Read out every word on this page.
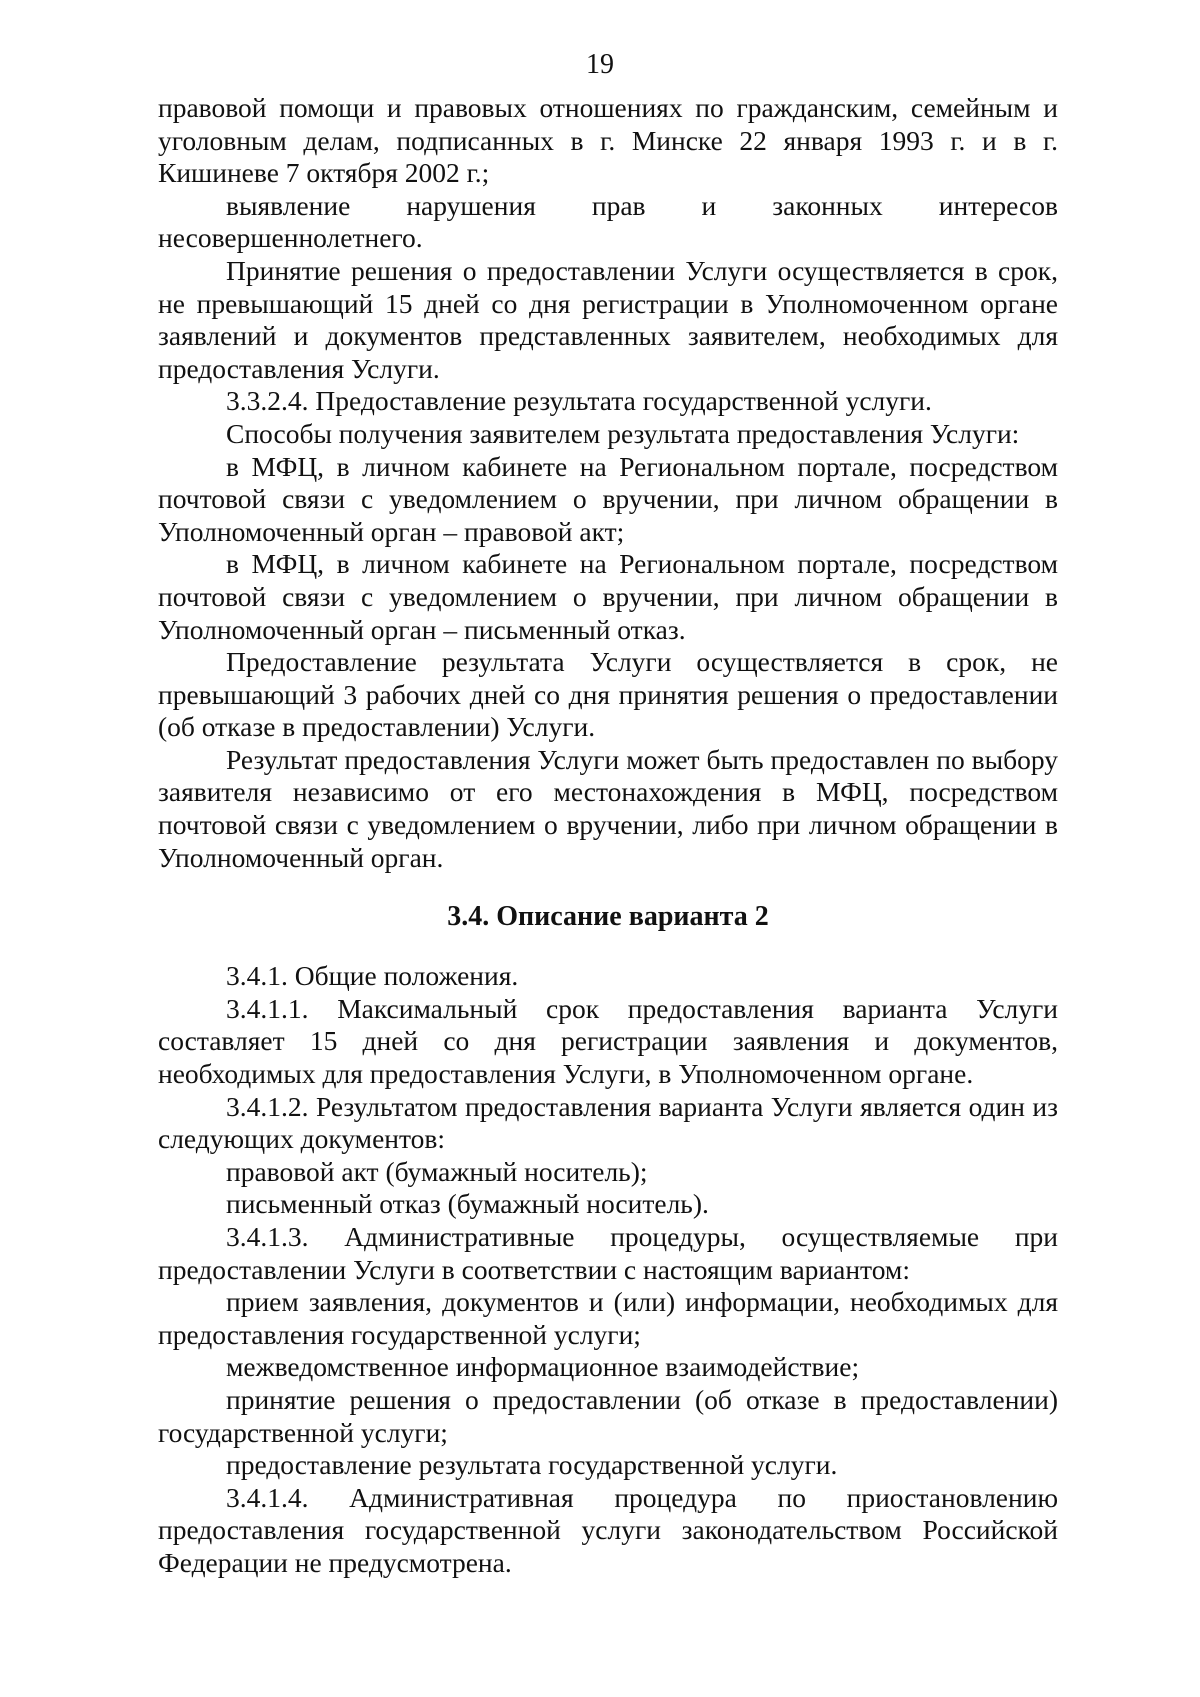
19

правовой помощи и правовых отношениях по гражданским, семейным и уголовным делам, подписанных в г. Минске 22 января 1993 г. и в г. Кишиневе 7 октября 2002 г.;

выявление нарушения прав и законных интересов несовершеннолетнего.

Принятие решения о предоставлении Услуги осуществляется в срок, не превышающий 15 дней со дня регистрации в Уполномоченном органе заявлений и документов представленных заявителем, необходимых для предоставления Услуги.

3.3.2.4. Предоставление результата государственной услуги.

Способы получения заявителем результата предоставления Услуги:

в МФЦ, в личном кабинете на Региональном портале, посредством почтовой связи с уведомлением о вручении, при личном обращении в Уполномоченный орган – правовой акт;

в МФЦ, в личном кабинете на Региональном портале, посредством почтовой связи с уведомлением о вручении, при личном обращении в Уполномоченный орган – письменный отказ.

Предоставление результата Услуги осуществляется в срок, не превышающий 3 рабочих дней со дня принятия решения о предоставлении (об отказе в предоставлении) Услуги.

Результат предоставления Услуги может быть предоставлен по выбору заявителя независимо от его местонахождения в МФЦ, посредством почтовой связи с уведомлением о вручении, либо при личном обращении в Уполномоченный орган.

3.4. Описание варианта 2

3.4.1. Общие положения.

3.4.1.1. Максимальный срок предоставления варианта Услуги составляет 15 дней со дня регистрации заявления и документов, необходимых для предоставления Услуги, в Уполномоченном органе.

3.4.1.2. Результатом предоставления варианта Услуги является один из следующих документов:

правовой акт (бумажный носитель);

письменный отказ (бумажный носитель).

3.4.1.3. Административные процедуры, осуществляемые при предоставлении Услуги в соответствии с настоящим вариантом:

прием заявления, документов и (или) информации, необходимых для предоставления государственной услуги;

межведомственное информационное взаимодействие;

принятие решения о предоставлении (об отказе в предоставлении) государственной услуги;

предоставление результата государственной услуги.

3.4.1.4. Административная процедура по приостановлению предоставления государственной услуги законодательством Российской Федерации не предусмотрена.
